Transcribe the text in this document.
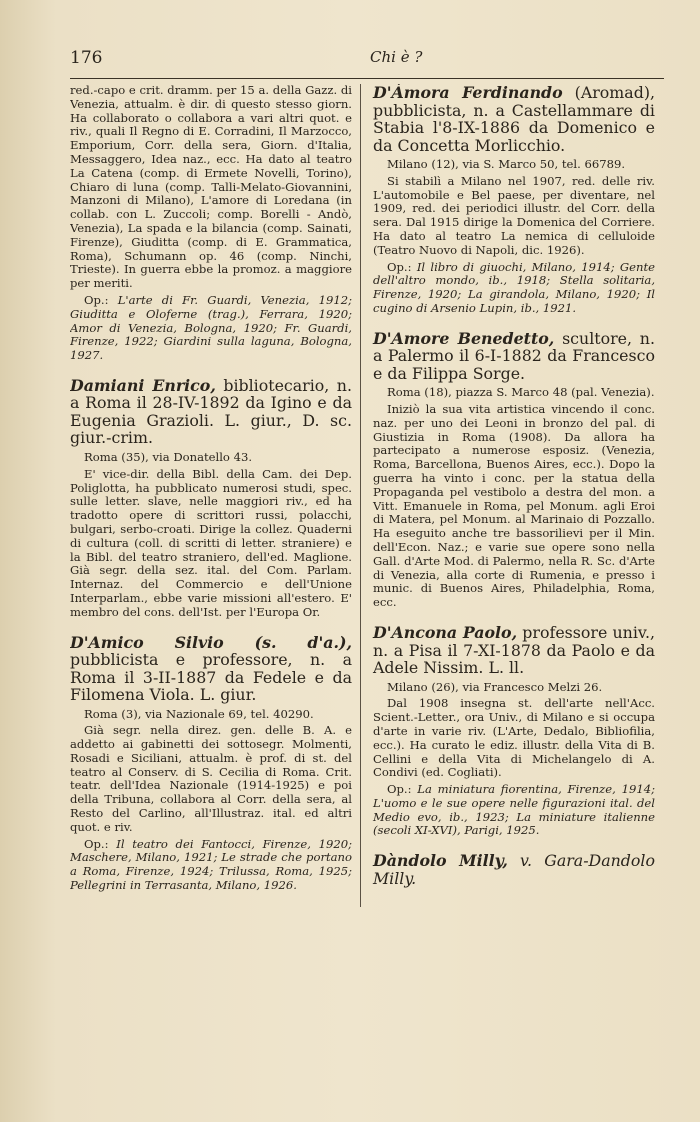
176	Chi è ?

red.-capo e crit. dramm. per 15 a. della Gazz. di Venezia, attualm. è dir. di questo stesso giorn. Ha collaborato o collabora a vari altri quot. e riv., quali Il Regno di E. Corradini, Il Marzocco, Emporium, Corr. della sera, Giorn. d'Italia, Messaggero, Idea naz., ecc. Ha dato al teatro La Catena (comp. di Ermete Novelli, Torino), Chiaro di luna (comp. Talli-Melato-Giovannini, Manzoni di Milano), L'amore di Loredana (in collab. con L. Zuccoli; comp. Borelli - Andò, Venezia), La spada e la bilancia (comp. Sainati, Firenze), Giuditta (comp. di E. Grammatica, Roma), Schumann op. 46 (comp. Ninchi, Trieste). In guerra ebbe la promoz. a maggiore per meriti.

Op.: L'arte di Fr. Guardi, Venezia, 1912; Giuditta e Oloferne (trag.), Ferrara, 1920; Amor di Venezia, Bologna, 1920; Fr. Guardi, Firenze, 1922; Giardini sulla laguna, Bologna, 1927.

Damiani Enrico, bibliotecario, n. a Roma il 28-IV-1892 da Igino e da Eugenia Grazioli. L. giur., D. sc. giur.-crim.

Roma (35), via Donatello 43.

E' vice-dir. della Bibl. della Cam. dei Dep. Poliglotta, ha pubblicato numerosi studi, spec. sulle letter. slave, nelle maggiori riv., ed ha tradotto opere di scrittori russi, polacchi, bulgari, serbo-croati. Dirige la collez. Quaderni di cultura (coll. di scritti di letter. straniere) e la Bibl. del teatro straniero, dell'ed. Maglione. Già segr. della sez. ital. del Com. Parlam. Internaz. del Commercio e dell'Unione Interparlam., ebbe varie missioni all'estero. E' membro del cons. dell'Ist. per l'Europa Or.

D'Amico Silvio (s. d'a.), pubblicista e professore, n. a Roma il 3-II-1887 da Fedele e da Filomena Viola. L. giur.

Roma (3), via Nazionale 69, tel. 40290.

Già segr. nella direz. gen. delle B. A. e addetto ai gabinetti dei sottosegr. Molmenti, Rosadi e Siciliani, attualm. è prof. di st. del teatro al Conserv. di S. Cecilia di Roma. Crit. teatr. dell'Idea Nazionale (1914-1925) e poi della Tribuna, collabora al Corr. della sera, al Resto del Carlino, all'Illustraz. ital. ed altri quot. e riv.

Op.: Il teatro dei Fantocci, Firenze, 1920; Maschere, Milano, 1921; Le strade che portano a Roma, Firenze, 1924; Trilussa, Roma, 1925; Pellegrini in Terrasanta, Milano, 1926.

D'Àmora Ferdinando (Aromad), pubblicista, n. a Castellammare di Stabia l'8-IX-1886 da Domenico e da Concetta Morlicchio.

Milano (12), via S. Marco 50, tel. 66789.

Si stabilì a Milano nel 1907, red. delle riv. L'automobile e Bel paese, per diventare, nel 1909, red. dei periodici illustr. del Corr. della sera. Dal 1915 dirige la Domenica del Corriere. Ha dato al teatro La nemica di celluloide (Teatro Nuovo di Napoli, dic. 1926).

Op.: Il libro di giuochi, Milano, 1914; Gente dell'altro mondo, ib., 1918; Stella solitaria, Firenze, 1920; La girandola, Milano, 1920; Il cugino di Arsenio Lupin, ib., 1921.

D'Amore Benedetto, scultore, n. a Palermo il 6-I-1882 da Francesco e da Filippa Sorge.

Roma (18), piazza S. Marco 48 (pal. Venezia).

Iniziò la sua vita artistica vincendo il conc. naz. per uno dei Leoni in bronzo del pal. di Giustizia in Roma (1908). Da allora ha partecipato a numerose esposiz. (Venezia, Roma, Barcellona, Buenos Aires, ecc.). Dopo la guerra ha vinto i conc. per la statua della Propaganda pel vestibolo a destra del mon. a Vitt. Emanuele in Roma, pel Monum. agli Eroi di Matera, pel Monum. al Marinaio di Pozzallo. Ha eseguito anche tre bassorilievi per il Min. dell'Econ. Naz.; e varie sue opere sono nella Gall. d'Arte Mod. di Palermo, nella R. Sc. d'Arte di Venezia, alla corte di Rumenia, e presso i munic. di Buenos Aires, Philadelphia, Roma, ecc.

D'Ancona Paolo, professore univ., n. a Pisa il 7-XI-1878 da Paolo e da Adele Nissim. L. ll.

Milano (26), via Francesco Melzi 26.

Dal 1908 insegna st. dell'arte nell'Acc. Scient.-Letter., ora Univ., di Milano e si occupa d'arte in varie riv. (L'Arte, Dedalo, Bibliofilia, ecc.). Ha curato le ediz. illustr. della Vita di B. Cellini e della Vita di Michelangelo di A. Condivi (ed. Cogliati).

Op.: La miniatura fiorentina, Firenze, 1914; L'uomo e le sue opere nelle figurazioni ital. del Medio evo, ib., 1923; La miniature italienne (secoli XI-XVI), Parigi, 1925.

Dàndolo Milly, v. Gara-Dandolo Milly.
